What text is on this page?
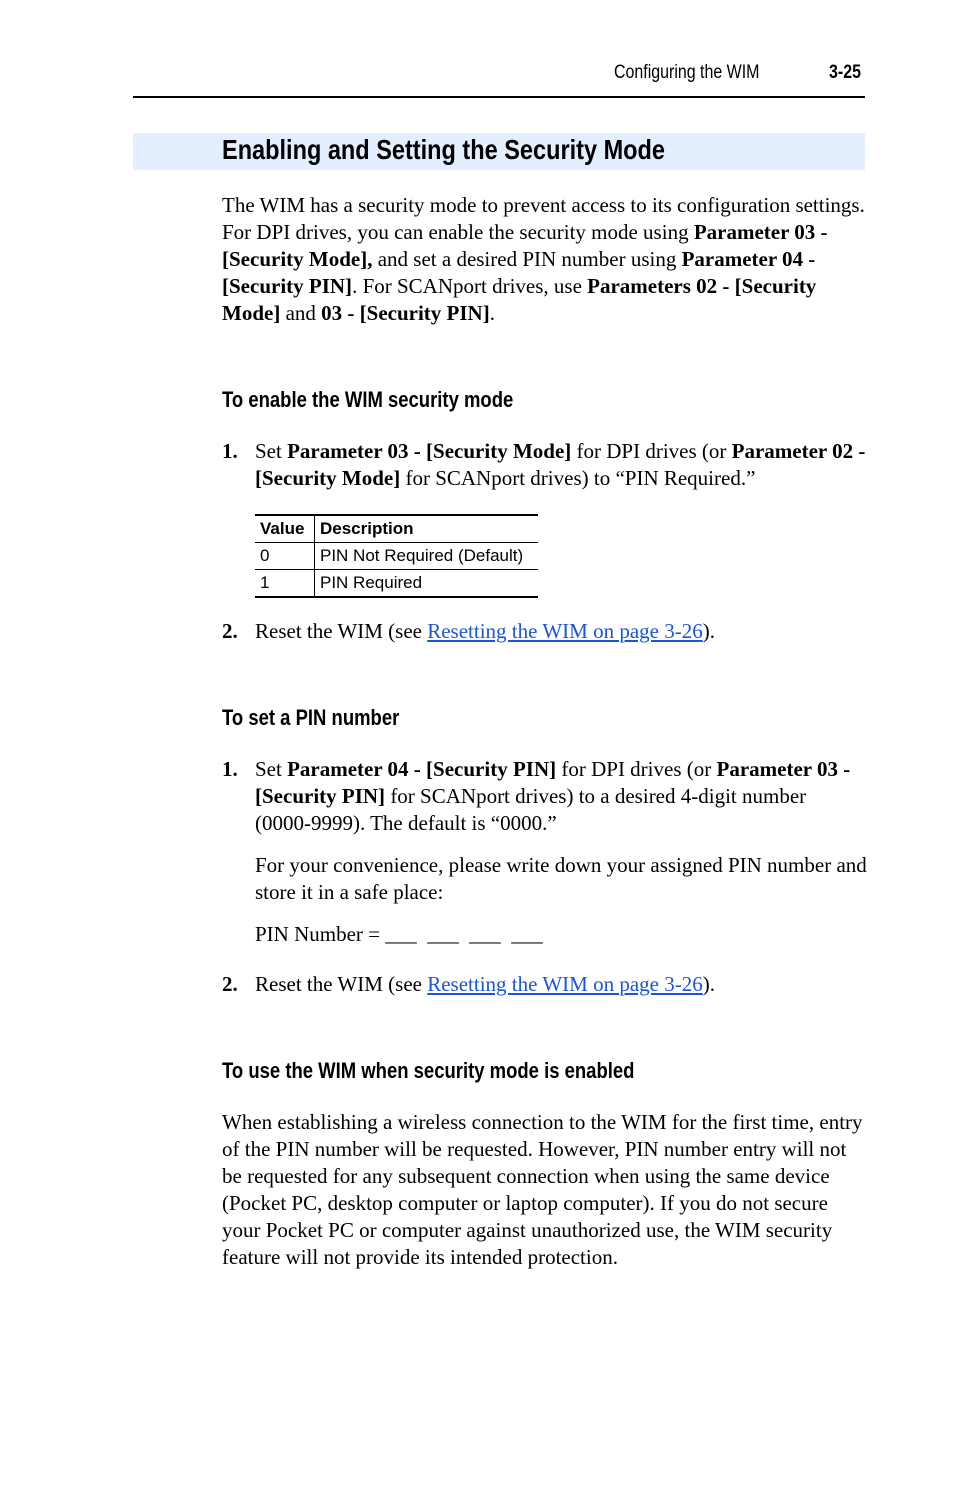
Configuring the WIM	3-25
Enabling and Setting the Security Mode
The WIM has a security mode to prevent access to its configuration settings. For DPI drives, you can enable the security mode using Parameter 03 - [Security Mode], and set a desired PIN number using Parameter 04 - [Security PIN]. For SCANport drives, use Parameters 02 - [Security Mode] and 03 - [Security PIN].
To enable the WIM security mode
1. Set Parameter 03 - [Security Mode] for DPI drives (or Parameter 02 - [Security Mode] for SCANport drives) to “PIN Required.”
Value	Description
0	PIN Not Required (Default)
1	PIN Required
2. Reset the WIM (see Resetting the WIM on page 3-26).
To set a PIN number
1. Set Parameter 04 - [Security PIN] for DPI drives (or Parameter 03 - [Security PIN] for SCANport drives) to a desired 4-digit number (0000-9999). The default is “0000.”
For your convenience, please write down your assigned PIN number and store it in a safe place:
PIN Number = ___  ___  ___  ___
2. Reset the WIM (see Resetting the WIM on page 3-26).
To use the WIM when security mode is enabled
When establishing a wireless connection to the WIM for the first time, entry of the PIN number will be requested. However, PIN number entry will not be requested for any subsequent connection when using the same device (Pocket PC, desktop computer or laptop computer). If you do not secure your Pocket PC or computer against unauthorized use, the WIM security feature will not provide its intended protection.
